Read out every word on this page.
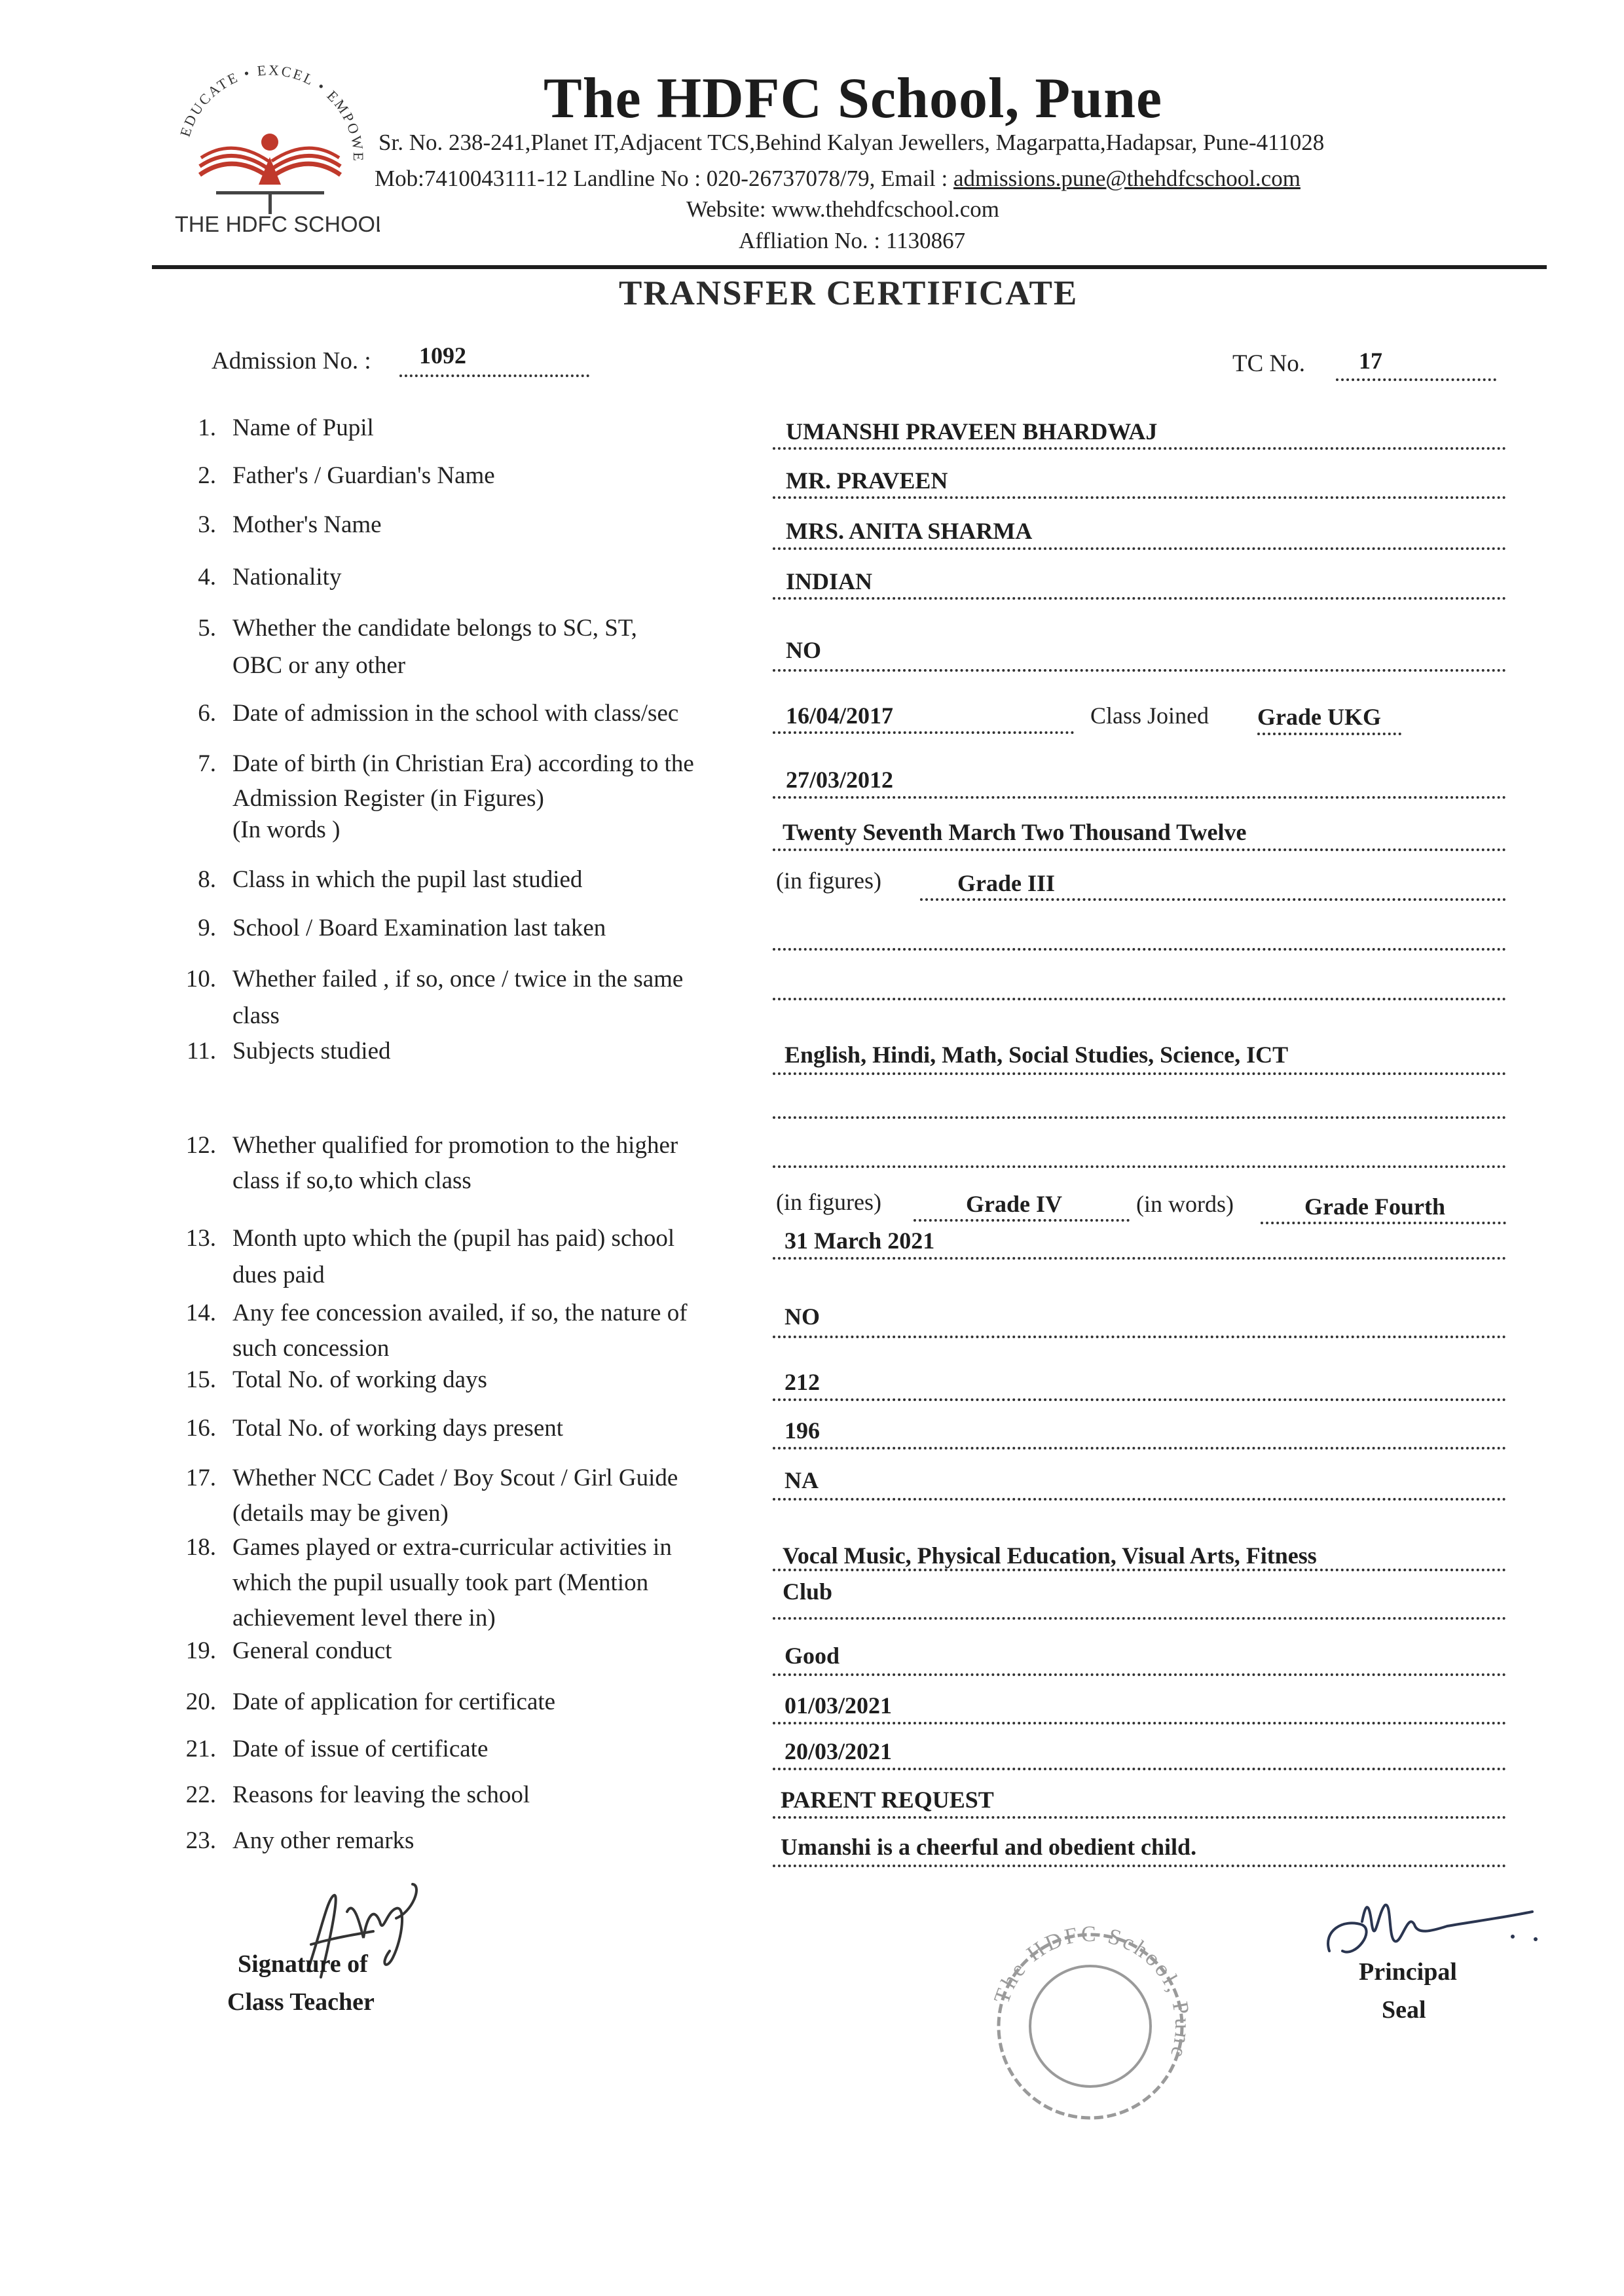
EDUCATE • EXCEL • EMPOWE
THE HDFC SCHOOL
The HDFC School, Pune
Sr. No. 238-241,Planet IT,Adjacent TCS,Behind Kalyan Jewellers, Magarpatta,Hadapsar, Pune-411028
Mob:7410043111-12 Landline No : 020-26737078/79, Email : admissions.pune@thehdfcschool.com
Website: www.thehdfcschool.com
Affliation No. : 1130867
TRANSFER CERTIFICATE
Admission No. : 1092	TC No. 17
1. Name of Pupil	UMANSHI PRAVEEN BHARDWAJ
2. Father's / Guardian's Name	MR. PRAVEEN
3. Mother's Name	MRS. ANITA SHARMA
4. Nationality	INDIAN
5. Whether the candidate belongs to SC, ST,
OBC or any other
NO
6. Date of admission in the school with class/sec	16/04/2017	Class Joined Grade UKG
7. Date of birth (in Christian Era) according to the
Admission Register (in Figures)
(In words )
27/03/2012
Twenty Seventh March Two Thousand Twelve
8. Class in which the pupil last studied	(in figures)	Grade III
9. School / Board Examination last taken
10. Whether failed , if so, once / twice in the same
class
11. Subjects studied	English, Hindi, Math, Social Studies, Science, ICT
12. Whether qualified for promotion to the higher
class if so,to which class
(in figures)	Grade IV	(in words)	Grade Fourth
13. Month upto which the (pupil has paid) school
dues paid
31 March 2021
14. Any fee concession availed, if so, the nature of
such concession
NO
15. Total No. of working days	212
16. Total No. of working days present	196
17. Whether NCC Cadet / Boy Scout / Girl Guide
(details may be given)
NA
18. Games played or extra-curricular activities in
which the pupil usually took part (Mention
achievement level there in)
Vocal Music, Physical Education, Visual Arts, Fitness
Club
19. General conduct	Good
20. Date of application for certificate	01/03/2021
21. Date of issue of certificate	20/03/2021
22. Reasons for leaving the school	PARENT REQUEST
23. Any other remarks	Umanshi is a cheerful and obedient child.
Signature of
Class Teacher	The HDFC School, Pune
Principal
Seal
